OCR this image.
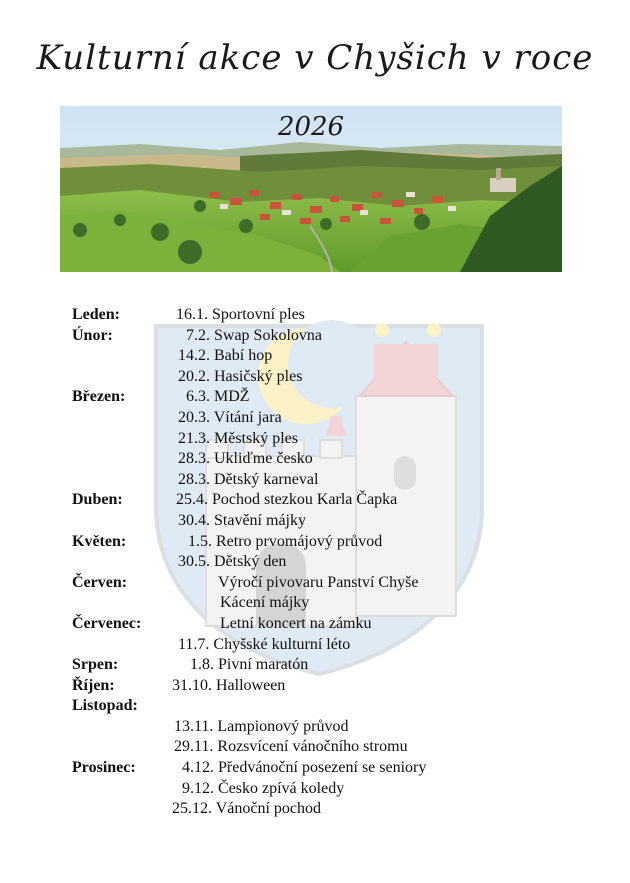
Kulturní akce v Chyšich v roce
2026
Leden:	16.1. Sportovní ples
Únor:	7.2. Swap Sokolovna
14.2. Babí hop
20.2. Hasičský ples
Březen:	6.3. MDŽ
20.3. Vítání jara
21.3. Městský ples
28.3. Ukliďme česko
28.3. Dětský karneval
Duben:	25.4. Pochod stezkou Karla Čapka
30.4. Stavění májky
Květen:	1.5. Retro prvomájový průvod
30.5. Dětský den
Červen:	Výročí pivovaru Panství Chyše
Kácení májky
Červenec:	Letní koncert na zámku
11.7. Chyšské kulturní léto
Srpen:	1.8. Pivní maratón
Říjen:	31.10. Halloween
Listopad:
13.11. Lampionový průvod
29.11. Rozsvícení vánočního stromu
Prosinec:	4.12. Předvánoční posezení se seniory
9.12. Česko zpívá koledy
25.12. Vánoční pochod
